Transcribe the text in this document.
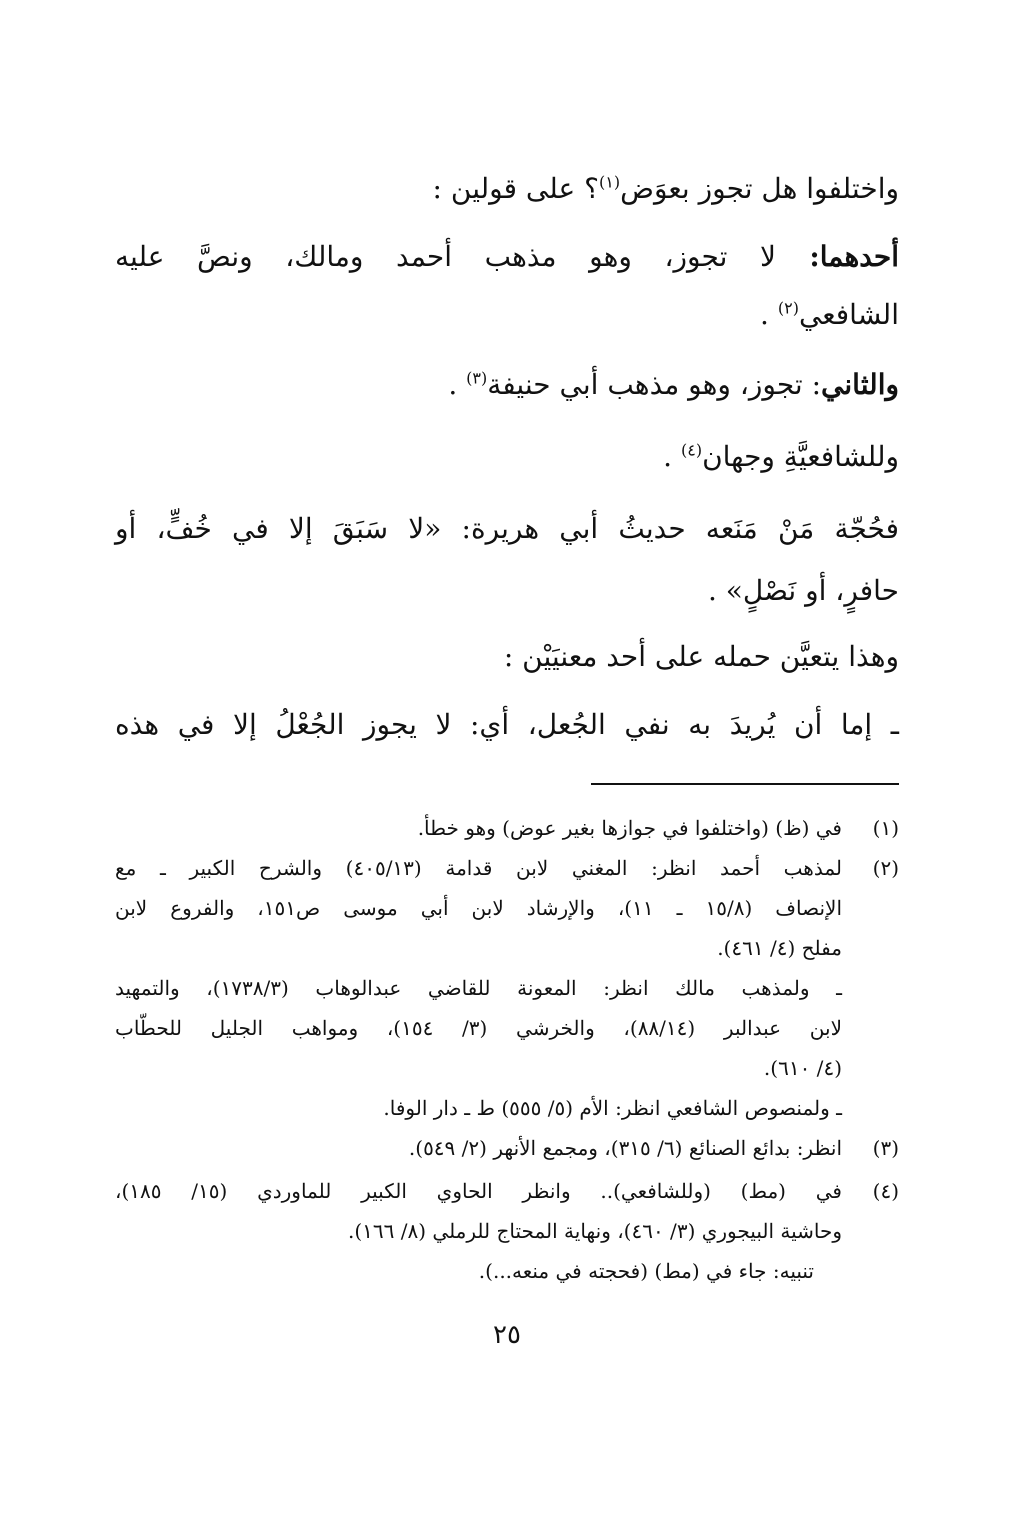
واختلفوا هل تجوز بعوَض$^{(١)}$؟ على قولين :
أحدهما: لا تجوز، وهو مذهب أحمد ومالك، ونصَّ عليه
الشافعي$^{(٢)}$ .
والثاني: تجوز، وهو مذهب أبي حنيفة$^{(٣)}$ .
وللشافعيَّةِ وجهان$^{(٤)}$ .
فحُجّة مَنْ مَنَعه حديثُ أبي هريرة: «لا سَبَقَ إلا في خُفٍّ، أو
حافرٍ، أو نَصْلٍ» .
وهذا يتعيَّن حمله على أحد معنيَيْن :
ـ إما أن يُريدَ به نفي الجُعل، أي: لا يجوز الجُعْلُ إلا في هذه
(١)
في (ظ) (واختلفوا في جوازها بغير عوض) وهو خطأ.
(٢)
لمذهب أحمد انظر: المغني لابن قدامة (٤٠٥/١٣) والشرح الكبير ـ مع
الإنصاف (١٥/٨ ـ ١١)، والإرشاد لابن أبي موسى ص١٥١، والفروع لابن
مفلح (٤/ ٤٦١).
ـ ولمذهب مالك انظر: المعونة للقاضي عبدالوهاب (١٧٣٨/٣)، والتمهيد
لابن عبدالبر (٨٨/١٤)، والخرشي (٣/ ١٥٤)، ومواهب الجليل للحطّاب
(٤/ ٦١٠).
ـ ولمنصوص الشافعي انظر: الأم (٥/ ٥٥٥) ط ـ دار الوفا.
(٣)
انظر: بدائع الصنائع (٦/ ٣١٥)، ومجمع الأنهر (٢/ ٥٤٩).
(٤)
في (مط) (وللشافعي).. وانظر الحاوي الكبير للماوردي (١٥/ ١٨٥)،
وحاشية البيجوري (٣/ ٤٦٠)، ونهاية المحتاج للرملي (٨/ ١٦٦).
تنبيه: جاء في (مط) (فحجته في منعه...).
٢٥
